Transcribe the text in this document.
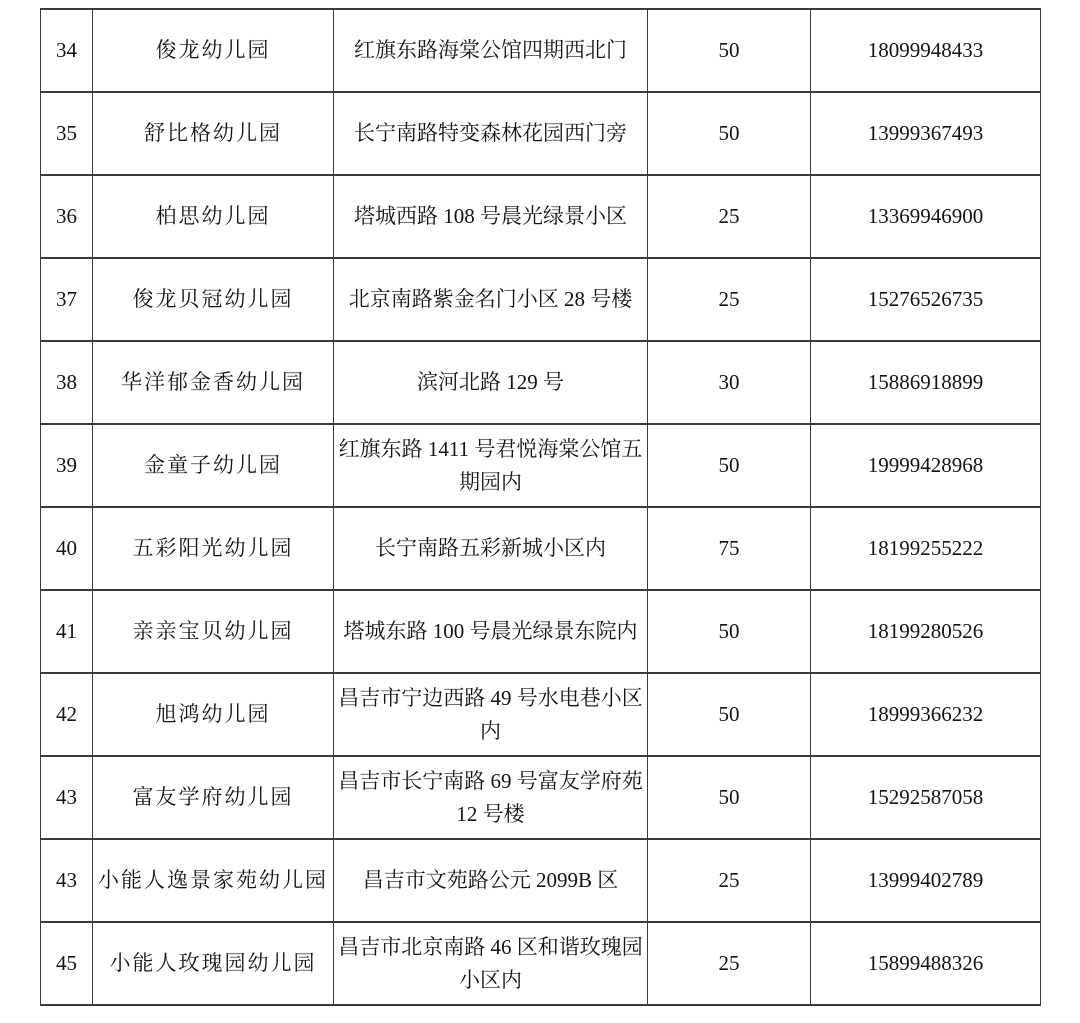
34	俊龙幼儿园	红旗东路海棠公馆四期西北门	50	18099948433
35	舒比格幼儿园	长宁南路特变森林花园西门旁	50	13999367493
36	柏思幼儿园	塔城西路 108 号晨光绿景小区	25	13369946900
37	俊龙贝冠幼儿园	北京南路紫金名门小区 28 号楼	25	15276526735
38	华洋郁金香幼儿园	滨河北路 129 号	30	15886918899
39	金童子幼儿园	红旗东路 1411 号君悦海棠公馆五期园内	50	19999428968
40	五彩阳光幼儿园	长宁南路五彩新城小区内	75	18199255222
41	亲亲宝贝幼儿园	塔城东路 100 号晨光绿景东院内	50	18199280526
42	旭鸿幼儿园	昌吉市宁边西路 49 号水电巷小区内	50	18999366232
43	富友学府幼儿园	昌吉市长宁南路 69 号富友学府苑 12 号楼	50	15292587058
43	小能人逸景家苑幼儿园	昌吉市文苑路公元 2099B 区	25	13999402789
45	小能人玫瑰园幼儿园	昌吉市北京南路 46 区和谐玫瑰园小区内	25	15899488326
